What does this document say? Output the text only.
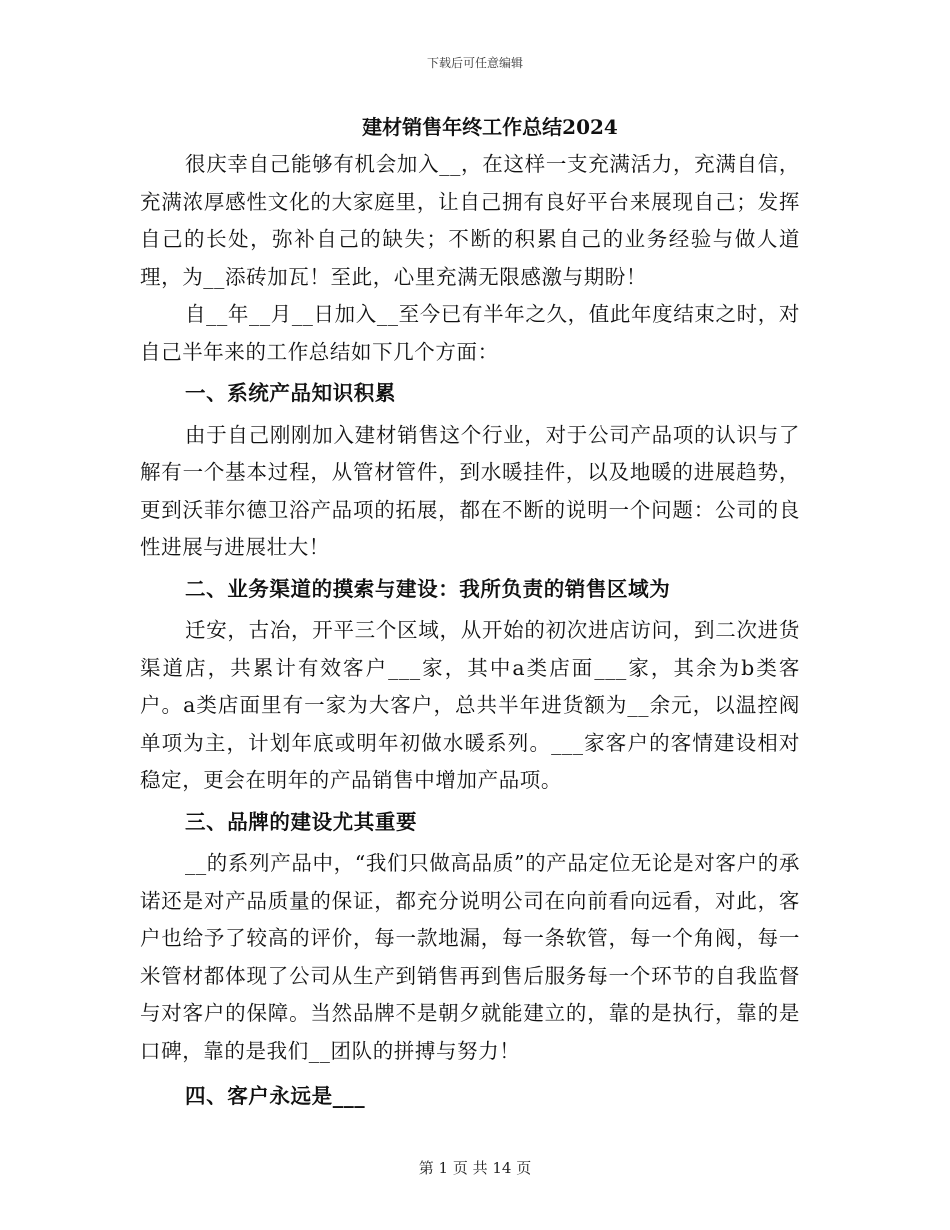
下载后可任意编辑
建材销售年终工作总结2024

很庆幸自己能够有机会加入__，在这样一支充满活力，充满自信，充满浓厚感性文化的大家庭里，让自己拥有良好平台来展现自己；发挥自己的长处，弥补自己的缺失；不断的积累自己的业务经验与做人道理，为__添砖加瓦！至此，心里充满无限感激与期盼！

自__年__月__日加入__至今已有半年之久，值此年度结束之时，对自己半年来的工作总结如下几个方面：

一、系统产品知识积累

由于自己刚刚加入建材销售这个行业，对于公司产品项的认识与了解有一个基本过程，从管材管件，到水暖挂件，以及地暖的进展趋势，更到沃菲尔德卫浴产品项的拓展，都在不断的说明一个问题：公司的良性进展与进展壮大！

二、业务渠道的摸索与建设：我所负责的销售区域为

迁安，古冶，开平三个区域，从开始的初次进店访问，到二次进货渠道店，共累计有效客户___家，其中a类店面___家，其余为b类客户。a类店面里有一家为大客户，总共半年进货额为__余元，以温控阀单项为主，计划年底或明年初做水暖系列。___家客户的客情建设相对稳定，更会在明年的产品销售中增加产品项。

三、品牌的建设尤其重要

__的系列产品中，“我们只做高品质”的产品定位无论是对客户的承诺还是对产品质量的保证，都充分说明公司在向前看向远看，对此，客户也给予了较高的评价，每一款地漏，每一条软管，每一个角阀，每一米管材都体现了公司从生产到销售再到售后服务每一个环节的自我监督与对客户的保障。当然品牌不是朝夕就能建立的，靠的是执行，靠的是口碑，靠的是我们__团队的拼搏与努力！

四、客户永远是___

第 1 页 共 14 页
